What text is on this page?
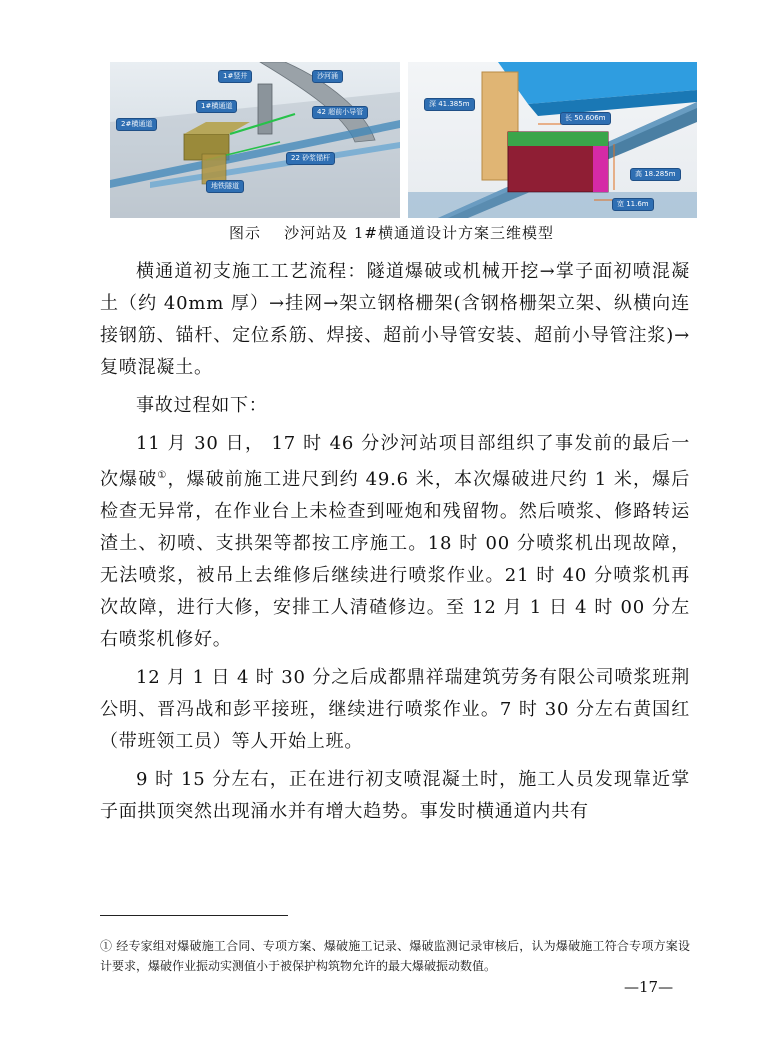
1#竖井	沙河涌
1#横通道
42 超前小导管
2#横通道
22 砂浆锚杆
地铁隧道
深 41.385m
长 50.606m
高 18.285m
宽 11.6m
图示    沙河站及 1#横通道设计方案三维模型

横通道初支施工工艺流程：隧道爆破或机械开挖→掌子面初喷混凝土（约 40mm 厚）→挂网→架立钢格栅架(含钢格栅架立架、纵横向连接钢筋、锚杆、定位系筋、焊接、超前小导管安装、超前小导管注浆)→复喷混凝土。

事故过程如下：

11 月 30 日， 17 时 46 分沙河站项目部组织了事发前的最后一次爆破①，爆破前施工进尺到约 49.6 米，本次爆破进尺约 1 米，爆后检查无异常，在作业台上未检查到哑炮和残留物。然后喷浆、修路转运渣土、初喷、支拱架等都按工序施工。18 时 00 分喷浆机出现故障，无法喷浆，被吊上去维修后继续进行喷浆作业。21 时 40 分喷浆机再次故障，进行大修，安排工人清碴修边。至 12 月 1 日 4 时 00 分左右喷浆机修好。

12 月 1 日 4 时 30 分之后成都鼎祥瑞建筑劳务有限公司喷浆班荆公明、晋冯战和彭平接班，继续进行喷浆作业。7 时 30 分左右黄国红（带班领工员）等人开始上班。

9 时 15 分左右，正在进行初支喷混凝土时，施工人员发现靠近掌子面拱顶突然出现涌水并有增大趋势。事发时横通道内共有

① 经专家组对爆破施工合同、专项方案、爆破施工记录、爆破监测记录审核后，认为爆破施工符合专项方案设计要求，爆破作业振动实测值小于被保护构筑物允许的最大爆破振动数值。
—17—
